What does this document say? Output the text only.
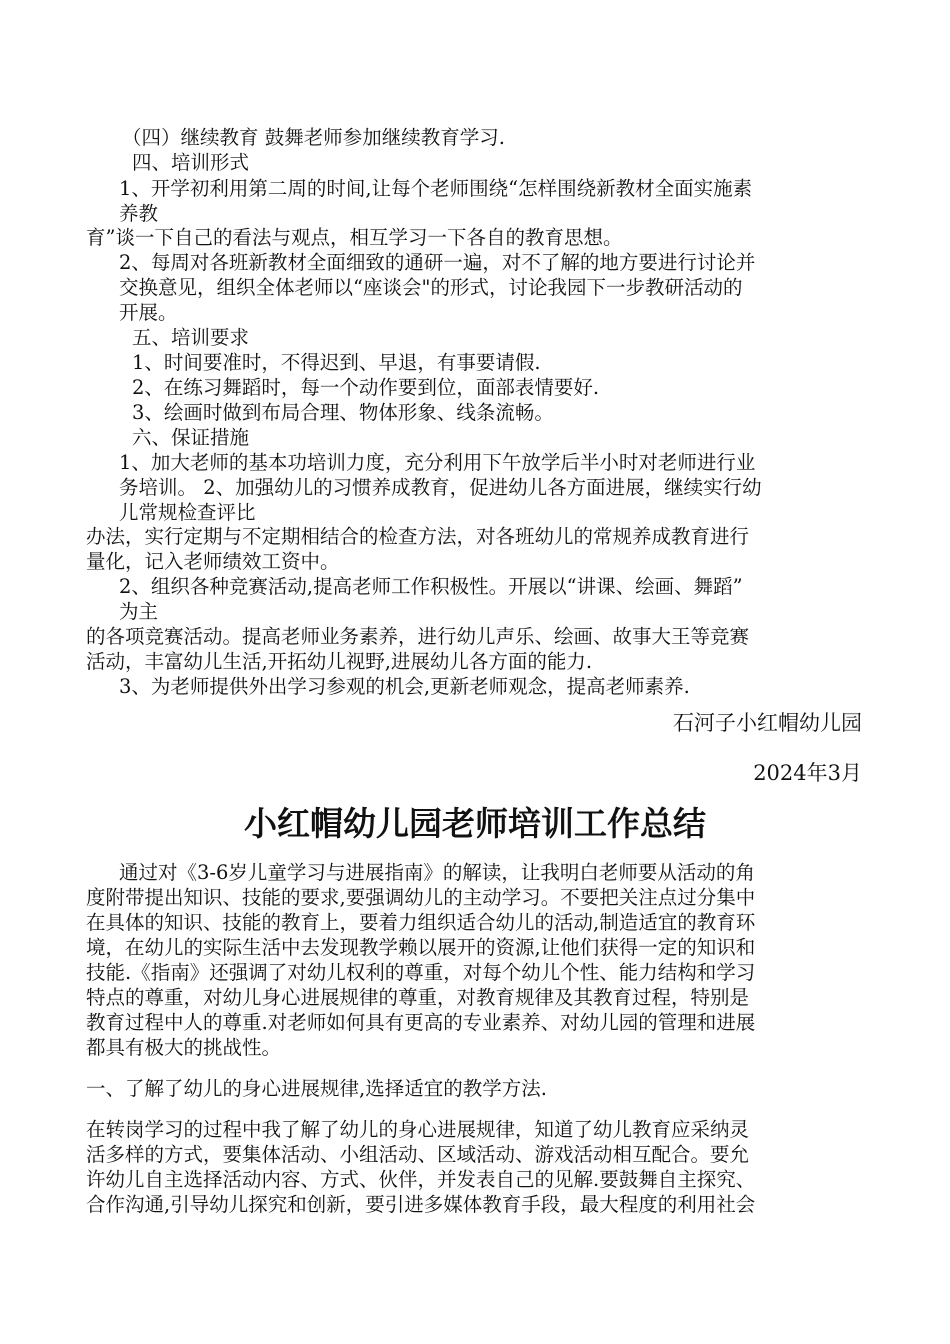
（四）继续教育 鼓舞老师参加继续教育学习.

四、培训形式

1、开学初利用第二周的时间,让每个老师围绕“怎样围绕新教材全面实施素

养教

育”谈一下自己的看法与观点，相互学习一下各自的教育思想。

2、每周对各班新教材全面细致的通研一遍，对不了解的地方要进行讨论并

交换意见，组织全体老师以“座谈会"的形式，讨论我园下一步教研活动的

开展。

五、培训要求

1、时间要准时，不得迟到、早退，有事要请假.

2、在练习舞蹈时，每一个动作要到位，面部表情要好.

3、绘画时做到布局合理、物体形象、线条流畅。

六、保证措施

1、加大老师的基本功培训力度，充分利用下午放学后半小时对老师进行业

务培训。 2、加强幼儿的习惯养成教育，促进幼儿各方面进展，继续实行幼

儿常规检查评比

办法，实行定期与不定期相结合的检查方法，对各班幼儿的常规养成教育进行

量化，记入老师绩效工资中。

2、组织各种竞赛活动,提高老师工作积极性。开展以“讲课、绘画、舞蹈”

为主

的各项竞赛活动。提高老师业务素养，进行幼儿声乐、绘画、故事大王等竞赛

活动，丰富幼儿生活,开拓幼儿视野,进展幼儿各方面的能力.

3、为老师提供外出学习参观的机会,更新老师观念，提高老师素养.

石河子小红帽幼儿园

2024年3月

小红帽幼儿园老师培训工作总结

通过对《3-6岁儿童学习与进展指南》的解读，让我明白老师要从活动的角

度附带提出知识、技能的要求,要强调幼儿的主动学习。不要把关注点过分集中

在具体的知识、技能的教育上，要着力组织适合幼儿的活动,制造适宜的教育环

境，在幼儿的实际生活中去发现教学赖以展开的资源,让他们获得一定的知识和

技能.《指南》还强调了对幼儿权利的尊重，对每个幼儿个性、能力结构和学习

特点的尊重，对幼儿身心进展规律的尊重，对教育规律及其教育过程，特别是

教育过程中人的尊重.对老师如何具有更高的专业素养、对幼儿园的管理和进展

都具有极大的挑战性。

一、了解了幼儿的身心进展规律,选择适宜的教学方法.

在转岗学习的过程中我了解了幼儿的身心进展规律，知道了幼儿教育应采纳灵

活多样的方式，要集体活动、小组活动、区域活动、游戏活动相互配合。要允

许幼儿自主选择活动内容、方式、伙伴，并发表自己的见解.要鼓舞自主探究、

合作沟通,引导幼儿探究和创新，要引进多媒体教育手段，最大程度的利用社会
